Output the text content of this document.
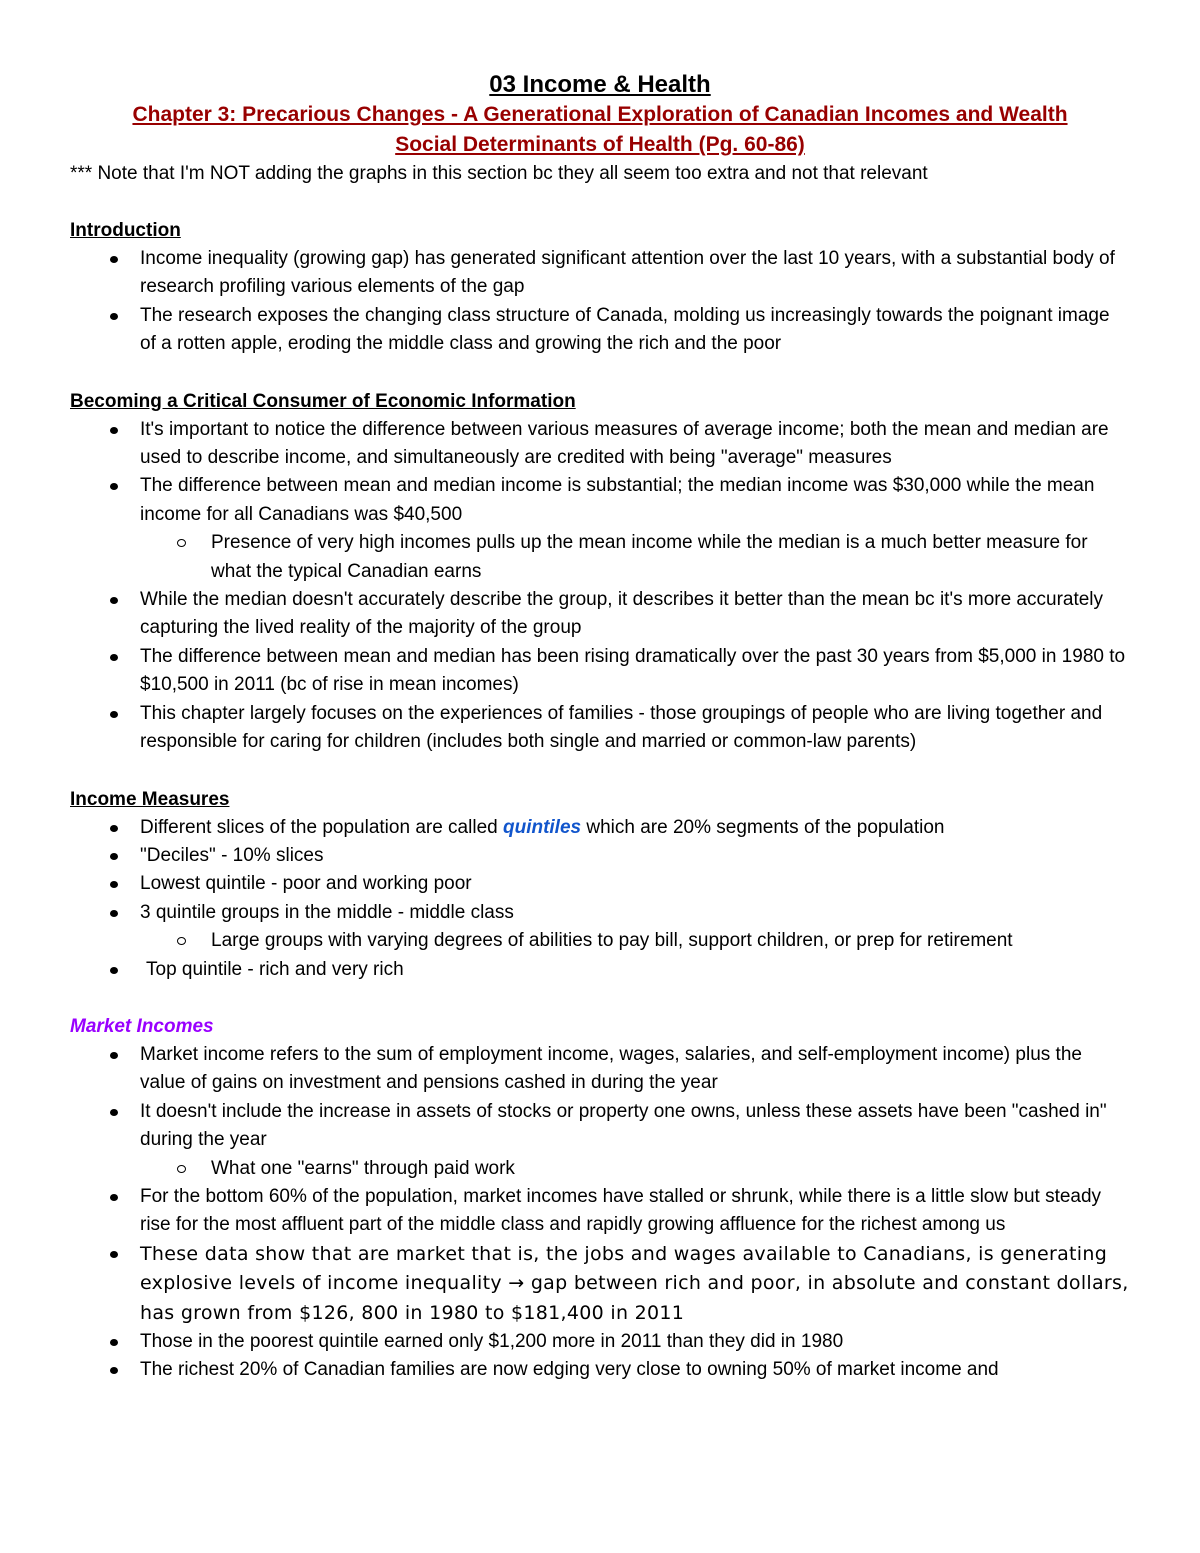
03 Income & Health
Chapter 3: Precarious Changes - A Generational Exploration of Canadian Incomes and Wealth
Social Determinants of Health (Pg. 60-86)

*** Note that I'm NOT adding the graphs in this section bc they all seem too extra and not that relevant

Introduction
Income inequality (growing gap) has generated significant attention over the last 10 years, with a substantial body of research profiling various elements of the gap
The research exposes the changing class structure of Canada, molding us increasingly towards the poignant image of a rotten apple, eroding the middle class and growing the rich and the poor
Becoming a Critical Consumer of Economic Information
It's important to notice the difference between various measures of average income; both the mean and median are used to describe income, and simultaneously are credited with being "average" measures
The difference between mean and median income is substantial; the median income was $30,000 while the mean income for all Canadians was $40,500
Presence of very high incomes pulls up the mean income while the median is a much better measure for what the typical Canadian earns
While the median doesn't accurately describe the group, it describes it better than the mean bc it's more accurately capturing the lived reality of the majority of the group
The difference between mean and median has been rising dramatically over the past 30 years from $5,000 in 1980 to $10,500 in 2011 (bc of rise in mean incomes)
This chapter largely focuses on the experiences of families - those groupings of people who are living together and responsible for caring for children (includes both single and married or common-law parents)
Income Measures
Different slices of the population are called quintiles which are 20% segments of the population
"Deciles" - 10% slices
Lowest quintile - poor and working poor
3 quintile groups in the middle - middle class
Large groups with varying degrees of abilities to pay bill, support children, or prep for retirement
Top quintile - rich and very rich
Market Incomes
Market income refers to the sum of employment income, wages, salaries, and self-employment income) plus the value of gains on investment and pensions cashed in during the year
It doesn't include the increase in assets of stocks or property one owns, unless these assets have been "cashed in" during the year
What one "earns" through paid work
For the bottom 60% of the population, market incomes have stalled or shrunk, while there is a little slow but steady rise for the most affluent part of the middle class and rapidly growing affluence for the richest among us
These data show that are market that is, the jobs and wages available to Canadians, is generating explosive levels of income inequality → gap between rich and poor, in absolute and constant dollars, has grown from $126, 800 in 1980 to $181,400 in 2011
Those in the poorest quintile earned only $1,200 more in 2011 than they did in 1980
The richest 20% of Canadian families are now edging very close to owning 50% of market income and
